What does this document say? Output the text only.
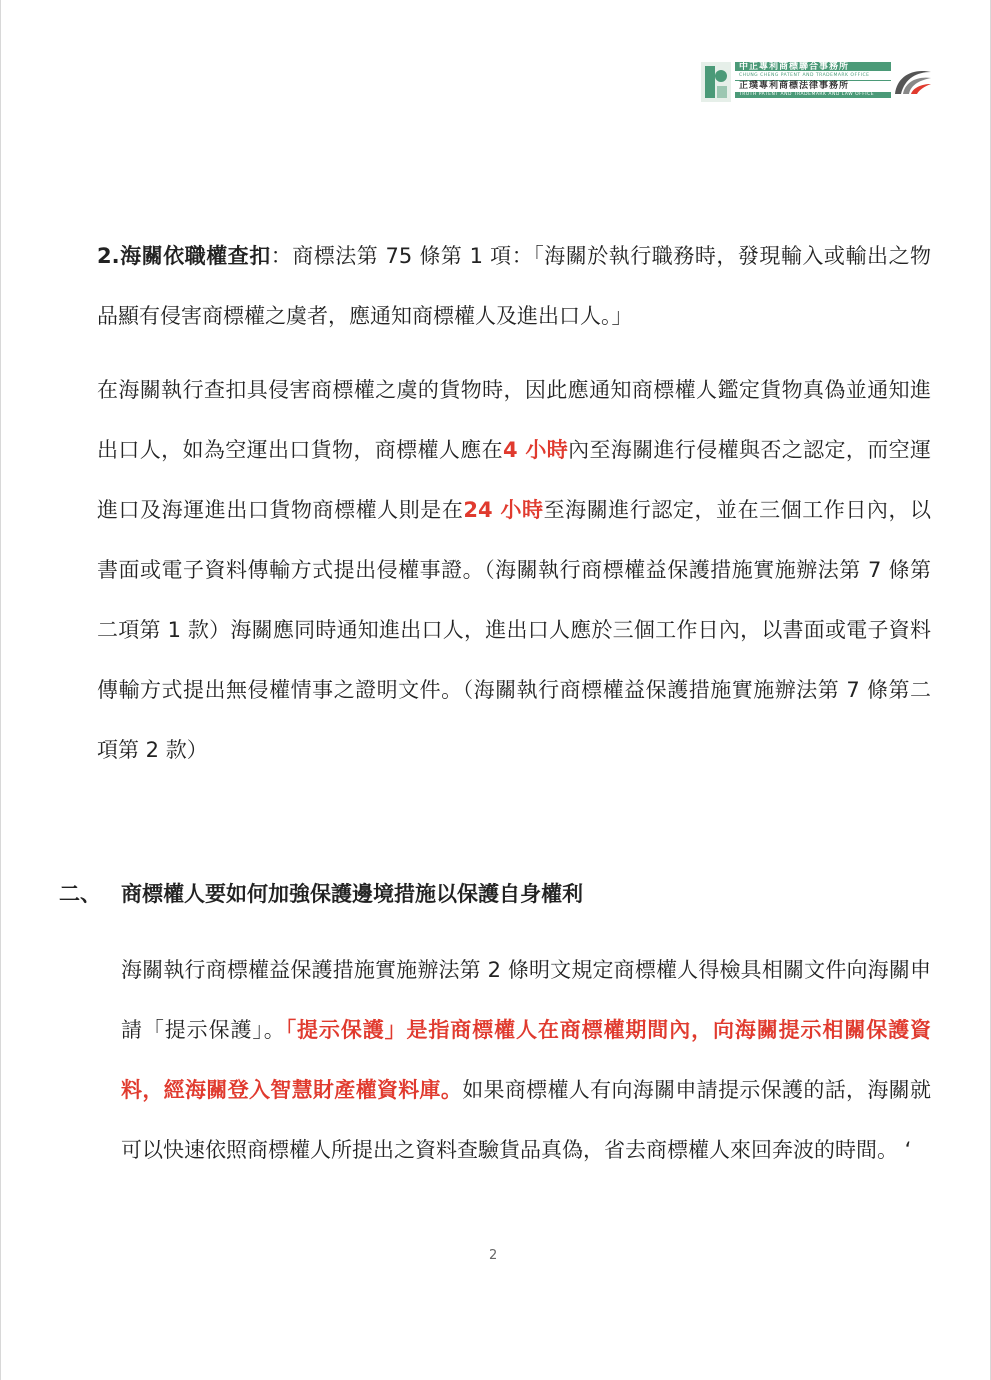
中正專利商標聯合事務所
CHUNG CHENG PATENT AND TRADEMARK OFFICE
正璞專利商標法律事務所
TRUTH PATENT AND TRADEMARK AND LAW OFFICE
2.海關依職權查扣：商標法第 75 條第 1 項：「海關於執行職務時，發現輸入或輸出之物品顯有侵害商標權之虞者，應通知商標權人及進出口人。」
在海關執行查扣具侵害商標權之虞的貨物時，因此應通知商標權人鑑定貨物真偽並通知進出口人，如為空運出口貨物，商標權人應在4 小時內至海關進行侵權與否之認定，而空運進口及海運進出口貨物商標權人則是在24 小時至海關進行認定，並在三個工作日內，以書面或電子資料傳輸方式提出侵權事證。（海關執行商標權益保護措施實施辦法第 7 條第二項第 1 款）海關應同時通知進出口人，進出口人應於三個工作日內，以書面或電子資料傳輸方式提出無侵權情事之證明文件。（海關執行商標權益保護措施實施辦法第 7 條第二項第 2 款）
二、 商標權人要如何加強保護邊境措施以保護自身權利
海關執行商標權益保護措施實施辦法第 2 條明文規定商標權人得檢具相關文件向海關申請「提示保護」。「提示保護」是指商標權人在商標權期間內，向海關提示相關保護資料，經海關登入智慧財產權資料庫。如果商標權人有向海關申請提示保護的話，海關就可以快速依照商標權人所提出之資料查驗貨品真偽，省去商標權人來回奔波的時間。 ‘
2
